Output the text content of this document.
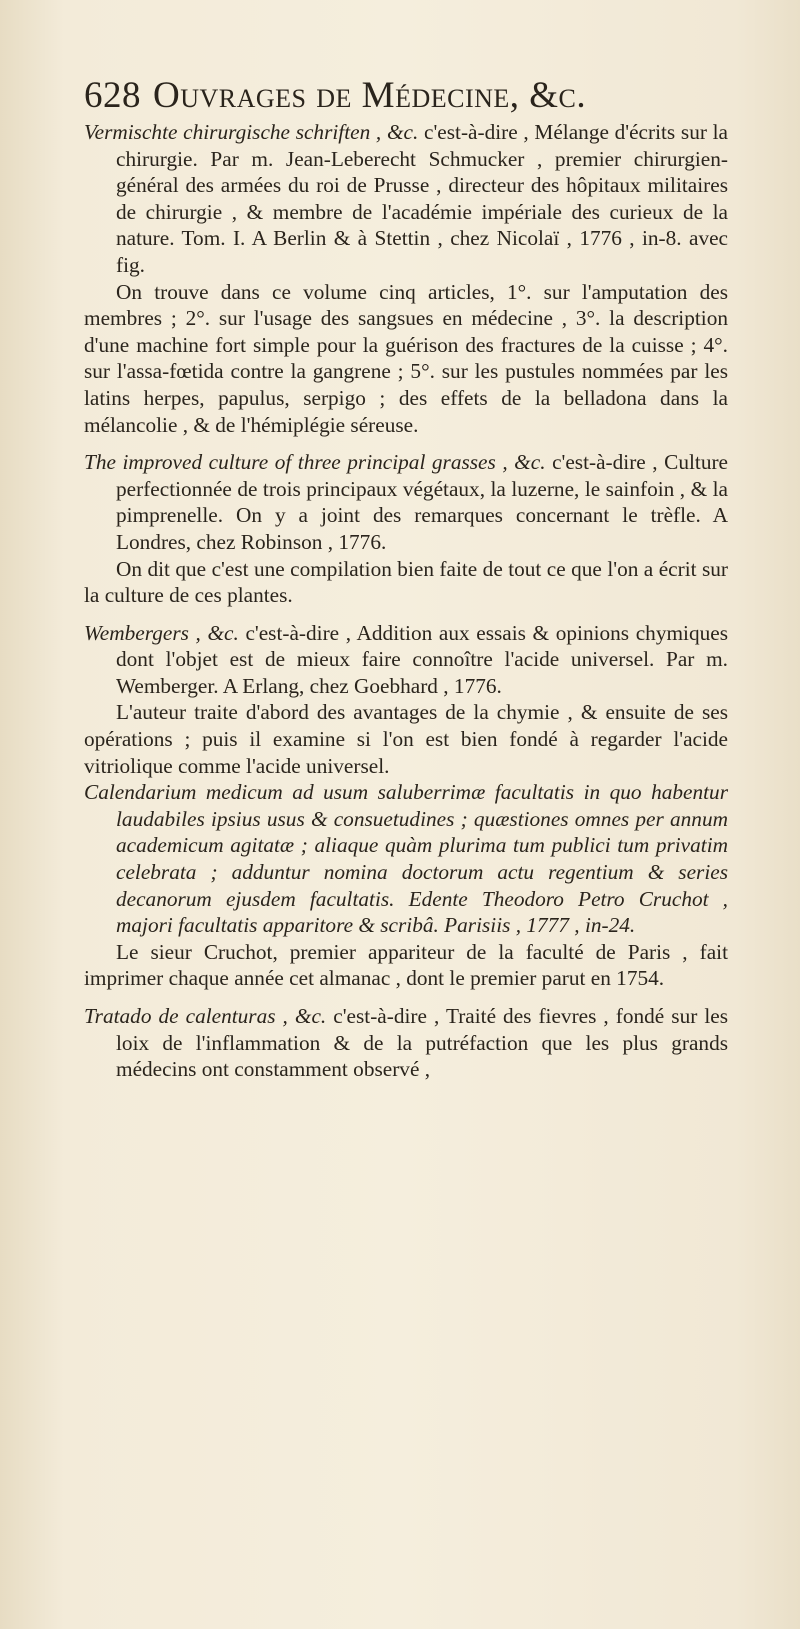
628 Ouvrages de Médecine, &c.

Vermischte chirurgische schriften , &c. c'est-à-dire , Mélange d'écrits sur la chirurgie. Par m. Jean-Leberecht Schmucker , premier chirurgien-général des armées du roi de Prusse , directeur des hôpitaux militaires de chirurgie , & membre de l'académie impériale des curieux de la nature. Tom. I. A Berlin & à Stettin , chez Nicolaï , 1776 , in-8. avec fig.

On trouve dans ce volume cinq articles, 1°. sur l'amputation des membres ; 2°. sur l'usage des sangsues en médecine , 3°. la description d'une machine fort simple pour la guérison des fractures de la cuisse ; 4°. sur l'assa-fœtida contre la gangrene ; 5°. sur les pustules nommées par les latins herpes, papulus, serpigo ; des effets de la belladona dans la mélancolie , & de l'hémiplégie séreuse.

The improved culture of three principal grasses , &c. c'est-à-dire , Culture perfectionnée de trois principaux végétaux, la luzerne, le sainfoin , & la pimprenelle. On y a joint des remarques concernant le trèfle. A Londres, chez Robinson , 1776.

On dit que c'est une compilation bien faite de tout ce que l'on a écrit sur la culture de ces plantes.

Wembergers , &c. c'est-à-dire , Addition aux essais & opinions chymiques dont l'objet est de mieux faire connoître l'acide universel. Par m. Wemberger. A Erlang, chez Goebhard , 1776.

L'auteur traite d'abord des avantages de la chymie , & ensuite de ses opérations ; puis il examine si l'on est bien fondé à regarder l'acide vitriolique comme l'acide universel.

Calendarium medicum ad usum saluberrimæ facultatis in quo habentur laudabiles ipsius usus & consuetudines ; quæstiones omnes per annum academicum agitatæ ; aliaque quàm plurima tum publici tum privatim celebrata ; adduntur nomina doctorum actu regentium & series decanorum ejusdem facultatis. Edente Theodoro Petro Cruchot , majori facultatis apparitore & scribâ. Parisiis , 1777 , in-24.

Le sieur Cruchot, premier appariteur de la faculté de Paris , fait imprimer chaque année cet almanac , dont le premier parut en 1754.

Tratado de calenturas , &c. c'est-à-dire , Traité des fievres , fondé sur les loix de l'inflammation & de la putréfaction que les plus grands médecins ont constamment observé ,
